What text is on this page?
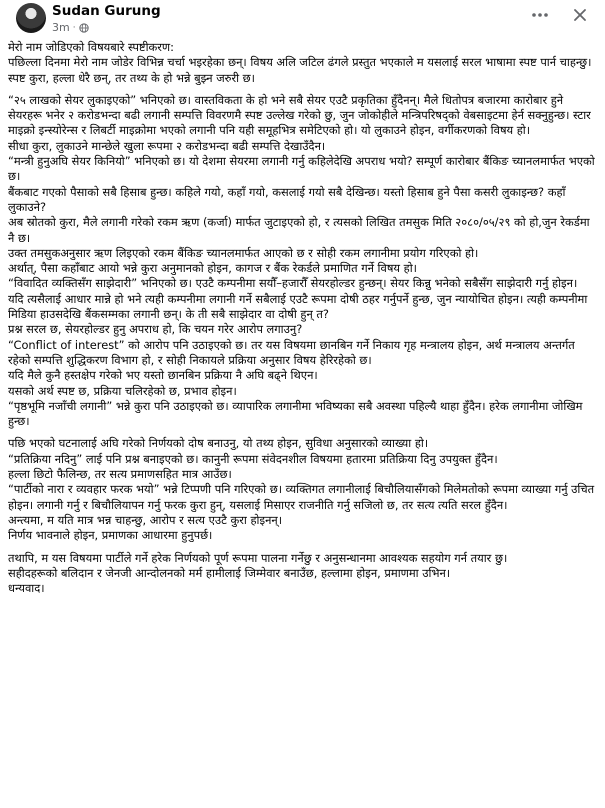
Sudan Gurung
3m ·

मेरो नाम जोडिएको विषयबारे स्पष्टीकरण:

पछिल्ला दिनमा मेरो नाम जोडेर विभिन्न चर्चा भइरहेका छन्। विषय अलि जटिल ढंगले प्रस्तुत भएकाले म यसलाई सरल भाषामा स्पष्ट पार्न चाहन्छु। स्पष्ट कुरा, हल्ला धेरै छन्, तर तथ्य के हो भन्ने बुझ्न जरुरी छ।

“२५ लाखको सेयर लुकाइएको” भनिएको छ। वास्तविकता के हो भने सबै सेयर एउटै प्रकृतिका हुँदैनन्। मैले धितोपत्र बजारमा कारोबार हुने सेयरहरू भनेर २ करोडभन्दा बढी लगानी सम्पत्ति विवरणमै स्पष्ट उल्लेख गरेको छु, जुन जोकोहीले मन्त्रिपरिषद्को वेबसाइटमा हेर्न सक्नुहुन्छ। स्टार माइक्रो इन्स्योरेन्स र लिबर्टी माइक्रोमा भएको लगानी पनि यही समूहभित्र समेटिएको हो। यो लुकाउने होइन, वर्गीकरणको विषय हो।

सीधा कुरा, लुकाउने मान्छेले खुला रूपमा २ करोडभन्दा बढी सम्पत्ति देखाउँदैन।

“मन्त्री हुनुअघि सेयर किनियो” भनिएको छ। यो देशमा सेयरमा लगानी गर्नु कहिलेदेखि अपराध भयो? सम्पूर्ण कारोबार बैंकिङ च्यानलमार्फत भएको छ।

बैंकबाट गएको पैसाको सबै हिसाब हुन्छ। कहिले गयो, कहाँ गयो, कसलाई गयो सबै देखिन्छ। यस्तो हिसाब हुने पैसा कसरी लुकाइन्छ? कहाँ लुकाउने?

अब स्रोतको कुरा, मैले लगानी गरेको रकम ऋण (कर्जा) मार्फत जुटाइएको हो, र त्यसको लिखित तमसुक मिति २०८०/०५/२९ को हो,जुन रेकर्डमा नै छ।

उक्त तमसुकअनुसार ऋण लिइएको रकम बैंकिङ च्यानलमार्फत आएको छ र सोही रकम लगानीमा प्रयोग गरिएको हो।

अर्थात्, पैसा कहाँबाट आयो भन्ने कुरा अनुमानको होइन, कागज र बैंक रेकर्डले प्रमाणित गर्ने विषय हो।

“विवादित व्यक्तिसँग साझेदारी” भनिएको छ। एउटै कम्पनीमा सयौँ–हजारौँ सेयरहोल्डर हुन्छन्। सेयर किन्नु भनेको सबैसँग साझेदारी गर्नु होइन। यदि त्यसैलाई आधार मान्ने हो भने त्यही कम्पनीमा लगानी गर्ने सबैलाई एउटै रूपमा दोषी ठहर गर्नुपर्ने हुन्छ, जुन न्यायोचित होइन। त्यही कम्पनीमा मिडिया हाउसदेखि बैंकसम्मका लगानी छन्। के ती सबै साझेदार वा दोषी हुन् त?

प्रश्न सरल छ, सेयरहोल्डर हुनु अपराध हो, कि चयन गरेर आरोप लगाउनु?

“Conflict of interest” को आरोप पनि उठाइएको छ। तर यस विषयमा छानबिन गर्ने निकाय गृह मन्त्रालय होइन, अर्थ मन्त्रालय अन्तर्गत रहेको सम्पत्ति शुद्धिकरण विभाग हो, र सोही निकायले प्रक्रिया अनुसार विषय हेरिरहेको छ।

यदि मैले कुनै हस्तक्षेप गरेको भए यस्तो छानबिन प्रक्रिया नै अघि बढ्ने थिएन।

यसको अर्थ स्पष्ट छ, प्रक्रिया चलिरहेको छ, प्रभाव होइन।

“पृष्ठभूमि नजाँची लगानी” भन्ने कुरा पनि उठाइएको छ। व्यापारिक लगानीमा भविष्यका सबै अवस्था पहिल्यै थाहा हुँदैन। हरेक लगानीमा जोखिम हुन्छ।

पछि भएको घटनालाई अघि गरेको निर्णयको दोष बनाउनु, यो तथ्य होइन, सुविधा अनुसारको व्याख्या हो।

“प्रतिक्रिया नदिनु” लाई पनि प्रश्न बनाइएको छ। कानुनी रूपमा संवेदनशील विषयमा हतारमा प्रतिक्रिया दिनु उपयुक्त हुँदैन।

हल्ला छिटो फैलिन्छ, तर सत्य प्रमाणसहित मात्र आउँछ।

“पार्टीको नारा र व्यवहार फरक भयो” भन्ने टिप्पणी पनि गरिएको छ। व्यक्तिगत लगानीलाई बिचौलियासँगको मिलेमतोको रूपमा व्याख्या गर्नु उचित होइन। लगानी गर्नु र बिचौलियापन गर्नु फरक कुरा हुन्, यसलाई मिसाएर राजनीति गर्नु सजिलो छ, तर सत्य त्यति सरल हुँदैन।

अन्त्यमा, म यति मात्र भन्न चाहन्छु, आरोप र सत्य एउटै कुरा होइनन्।

निर्णय भावनाले होइन, प्रमाणका आधारमा हुनुपर्छ।

तथापि, म यस विषयमा पार्टीले गर्ने हरेक निर्णयको पूर्ण रूपमा पालना गर्नेछु र अनुसन्धानमा आवश्यक सहयोग गर्न तयार छु।

सहीदहरूको बलिदान र जेनजी आन्दोलनको मर्म हामीलाई जिम्मेवार बनाउँछ, हल्लामा होइन, प्रमाणमा उभिन।

धन्यवाद।
